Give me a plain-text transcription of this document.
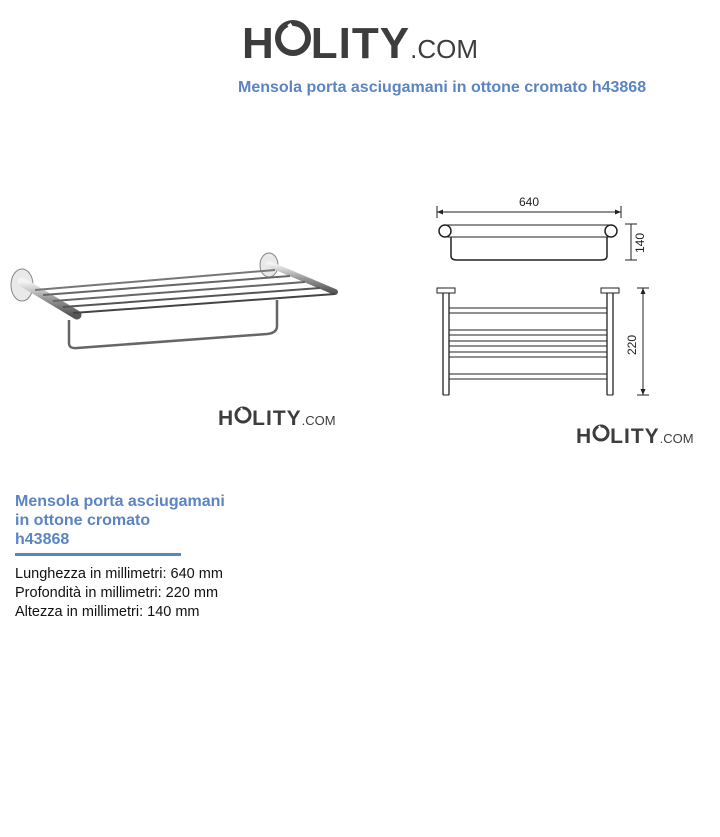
H LITY .COM
Mensola porta asciugamani in ottone cromato h43868
H LITY .COM
640
140
220
H LITY .COM
Mensola porta asciugamani
in ottone cromato
h43868
Lunghezza in millimetri: 640 mm
Profondità in millimetri: 220 mm
Altezza in millimetri: 140 mm
